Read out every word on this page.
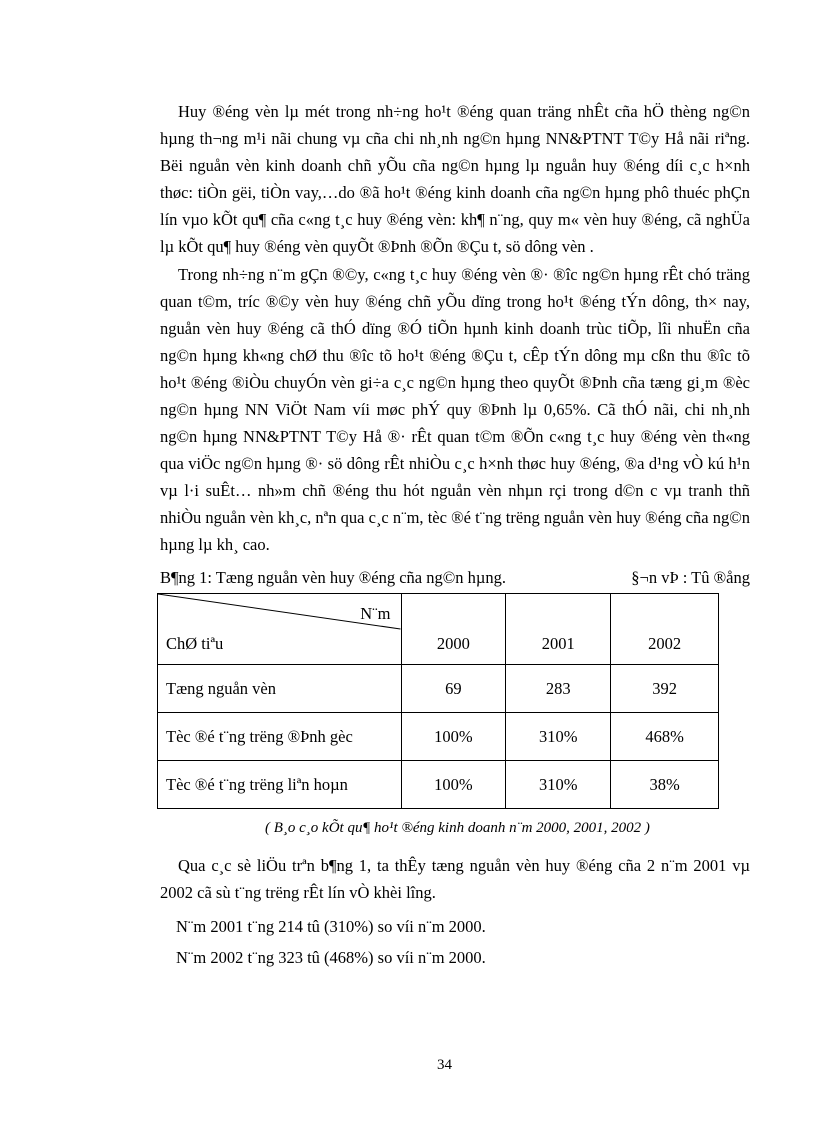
Huy ®éng vèn lµ mét trong nh÷ng ho¹t ®éng quan träng nhÊt cña hÖ thèng ng©n hµng th¬ng m¹i nãi chung vµ cña chi nh¸nh ng©n hµng NN&PTNT T©y Hå nãi riªng. Bëi nguån vèn kinh doanh chñ yÕu cña ng©n hµng lµ nguån huy ®éng díi c¸c h×nh thøc: tiÒn gëi, tiÒn vay,…do ®ã ho¹t ®éng kinh doanh cña ng©n hµng phô thuéc phÇn lín vµo kÕt qu¶ cña c«ng t¸c huy ®éng vèn: kh¶ n¨ng, quy m« vèn huy ®éng, cã nghÜa lµ kÕt qu¶ huy ®éng vèn quyÕt ®Þnh ®Õn ®Çu t, sö dông vèn .

Trong nh÷ng n¨m gÇn ®©y, c«ng t¸c huy ®éng vèn ®· ®îc ng©n hµng rÊt chó träng quan t©m, tríc ®©y vèn huy ®éng chñ yÕu dïng trong ho¹t ®éng tÝn dông, th× nay, nguån vèn huy ®éng cã thÓ dïng ®Ó tiÕn hµnh kinh doanh trùc tiÕp, lîi nhuËn cña ng©n hµng kh«ng chØ thu ®îc tõ ho¹t ®éng ®Çu t, cÊp tÝn dông mµ cßn thu ®îc tõ ho¹t ®éng ®iÒu chuyÓn vèn gi÷a c¸c ng©n hµng theo quyÕt ®Þnh cña tæng gi¸m ®èc ng©n hµng NN ViÖt Nam víi møc phÝ quy ®Þnh lµ 0,65%. Cã thÓ nãi, chi nh¸nh ng©n hµng NN&PTNT T©y Hå ®· rÊt quan t©m ®Õn c«ng t¸c huy ®éng vèn th«ng qua viÖc ng©n hµng ®· sö dông rÊt nhiÒu c¸c h×nh thøc huy ®éng, ®a d¹ng vÒ kú h¹n vµ l·i suÊt… nh»m chñ ®éng thu hót nguån vèn nhµn rçi trong d©n c vµ tranh thñ nhiÒu nguån vèn kh¸c, nªn qua c¸c n¨m, tèc ®é t¨ng trëng nguån vèn huy ®éng cña ng©n hµng lµ kh¸ cao.

B¶ng 1: Tæng nguån vèn huy ®éng cña ng©n hµng.	§¬n vÞ : Tû ®ång
N¨m
ChØ tiªu	2000	2001	2002
Tæng nguån vèn	69	283	392
Tèc ®é t¨ng trëng ®Þnh gèc	100%	310%	468%
Tèc ®é t¨ng trëng liªn hoµn	100%	310%	38%
( B¸o c¸o kÕt qu¶ ho¹t ®éng kinh doanh n¨m 2000, 2001, 2002 )

Qua c¸c sè liÖu trªn b¶ng 1, ta thÊy tæng nguån vèn huy ®éng cña 2 n¨m 2001 vµ 2002 cã sù t¨ng trëng rÊt lín vÒ khèi lîng.

N¨m 2001 t¨ng 214 tû (310%) so víi n¨m 2000.

N¨m 2002 t¨ng 323 tû (468%) so víi n¨m 2000.

34
